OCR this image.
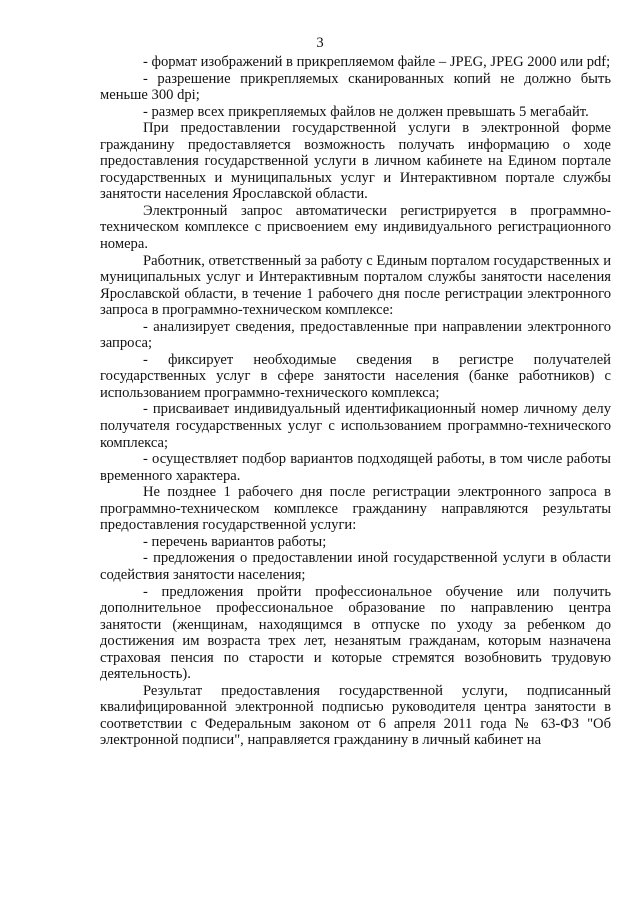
3

- формат изображений в прикрепляемом файле – JPEG, JPEG 2000 или pdf;

- разрешение прикрепляемых сканированных копий не должно быть меньше 300 dpi;

- размер всех прикрепляемых файлов не должен превышать 5 мегабайт.

При предоставлении государственной услуги в электронной форме гражданину предоставляется возможность получать информацию о ходе предоставления государственной услуги в личном кабинете на Едином портале государственных и муниципальных услуг и Интерактивном портале службы занятости населения Ярославской области.

Электронный запрос автоматически регистрируется в программно-техническом комплексе с присвоением ему индивидуального регистрационного номера.

Работник, ответственный за работу с Единым порталом государственных и муниципальных услуг и Интерактивным порталом службы занятости населения Ярославской области, в течение 1 рабочего дня после регистрации электронного запроса в программно-техническом комплексе:

- анализирует сведения, предоставленные при направлении электронного запроса;

- фиксирует необходимые сведения в регистре получателей государственных услуг в сфере занятости населения (банке работников) с использованием программно-технического комплекса;

- присваивает индивидуальный идентификационный номер личному делу получателя государственных услуг с использованием программно-технического комплекса;

- осуществляет подбор вариантов подходящей работы, в том числе работы временного характера.

Не позднее 1 рабочего дня после регистрации электронного запроса в программно-техническом комплексе гражданину направляются результаты предоставления государственной услуги:

- перечень вариантов работы;

- предложения о предоставлении иной государственной услуги в области содействия занятости населения;

- предложения пройти профессиональное обучение или получить дополнительное профессиональное образование по направлению центра занятости (женщинам, находящимся в отпуске по уходу за ребенком до достижения им возраста трех лет, незанятым гражданам, которым назначена страховая пенсия по старости и которые стремятся возобновить трудовую деятельность).

Результат предоставления государственной услуги, подписанный квалифицированной электронной подписью руководителя центра занятости в соответствии с Федеральным законом от 6 апреля 2011 года № 63-ФЗ "Об электронной подписи", направляется гражданину в личный кабинет на
